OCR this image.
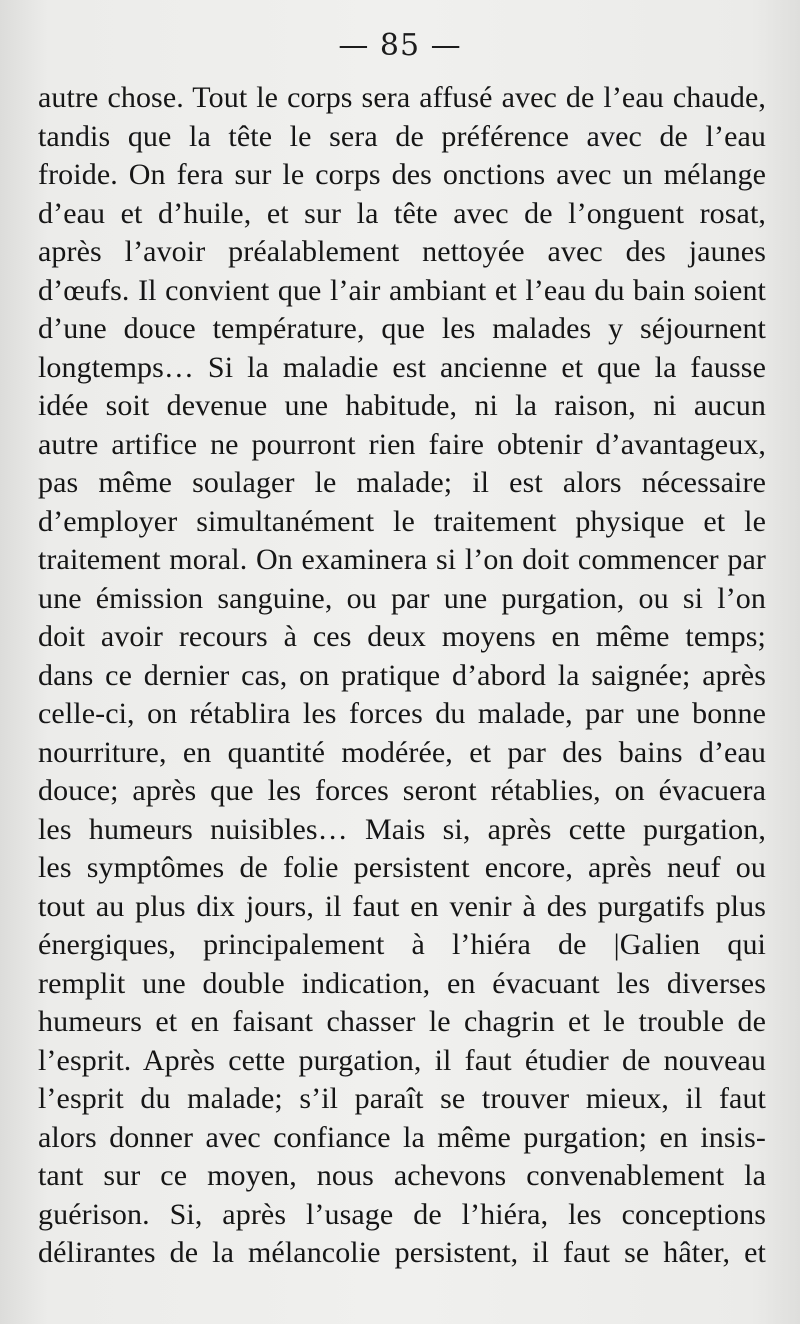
— 85 —
autre chose. Tout le corps sera affusé avec de l’eau chaude,
tandis que la tête le sera de préférence avec de l’eau
froide. On fera sur le corps des onctions avec un mélange
d’eau et d’huile, et sur la tête avec de l’onguent rosat,
après l’avoir préalablement nettoyée avec des jaunes
d’œufs. Il convient que l’air ambiant et l’eau du bain soient
d’une douce température, que les malades y séjournent
longtemps… Si la maladie est ancienne et que la fausse
idée soit devenue une habitude, ni la raison, ni aucun
autre artifice ne pourront rien faire obtenir d’avantageux,
pas même soulager le malade; il est alors nécessaire
d’employer simultanément le traitement physique et le
traitement moral. On examinera si l’on doit commencer par
une émission sanguine, ou par une purgation, ou si l’on
doit avoir recours à ces deux moyens en même temps;
dans ce dernier cas, on pratique d’abord la saignée; après
celle-ci, on rétablira les forces du malade, par une bonne
nourriture, en quantité modérée, et par des bains d’eau
douce; après que les forces seront rétablies, on évacuera
les humeurs nuisibles… Mais si, après cette purgation,
les symptômes de folie persistent encore, après neuf ou
tout au plus dix jours, il faut en venir à des purgatifs plus
énergiques, principalement à l’hiéra de |Galien qui
remplit une double indication, en évacuant les diverses
humeurs et en faisant chasser le chagrin et le trouble de
l’esprit. Après cette purgation, il faut étudier de nouveau
l’esprit du malade; s’il paraît se trouver mieux, il faut
alors donner avec confiance la même purgation; en insis-
tant sur ce moyen, nous achevons convenablement la
guérison. Si, après l’usage de l’hiéra, les conceptions
délirantes de la mélancolie persistent, il faut se hâter, et
